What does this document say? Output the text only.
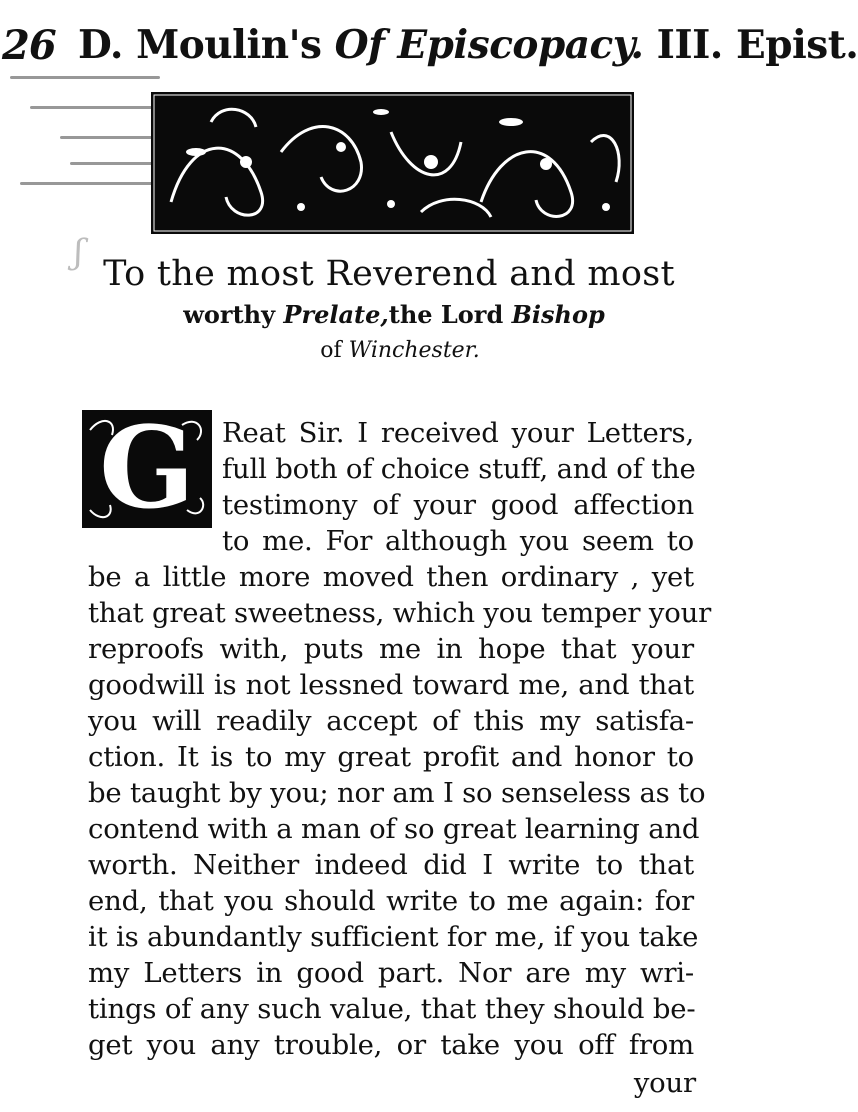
26 D. Moulin's Of Episcopacy. III. Epist.
ʃ
To the most Reverend and most
worthy Prelate,the Lord Bishop
of Winchester.
G Reat Sir. I received your Letters,
full both of choice stuff, and of the
testimony of your good affection
to me. For although you seem to
be a little more moved then ordinary , yet
that great sweetness, which you temper your
reproofs with, puts me in hope that your
goodwill is not lessned toward me, and that
you will readily accept of this my satisfa-
ction. It is to my great profit and honor to
be taught by you; nor am I so senseless as to
contend with a man of so great learning and
worth. Neither indeed did I write to that
end, that you should write to me again: for
it is abundantly sufficient for me, if you take
my Letters in good part. Nor are my wri-
tings of any such value, that they should be-
get you any trouble, or take you off from
your
